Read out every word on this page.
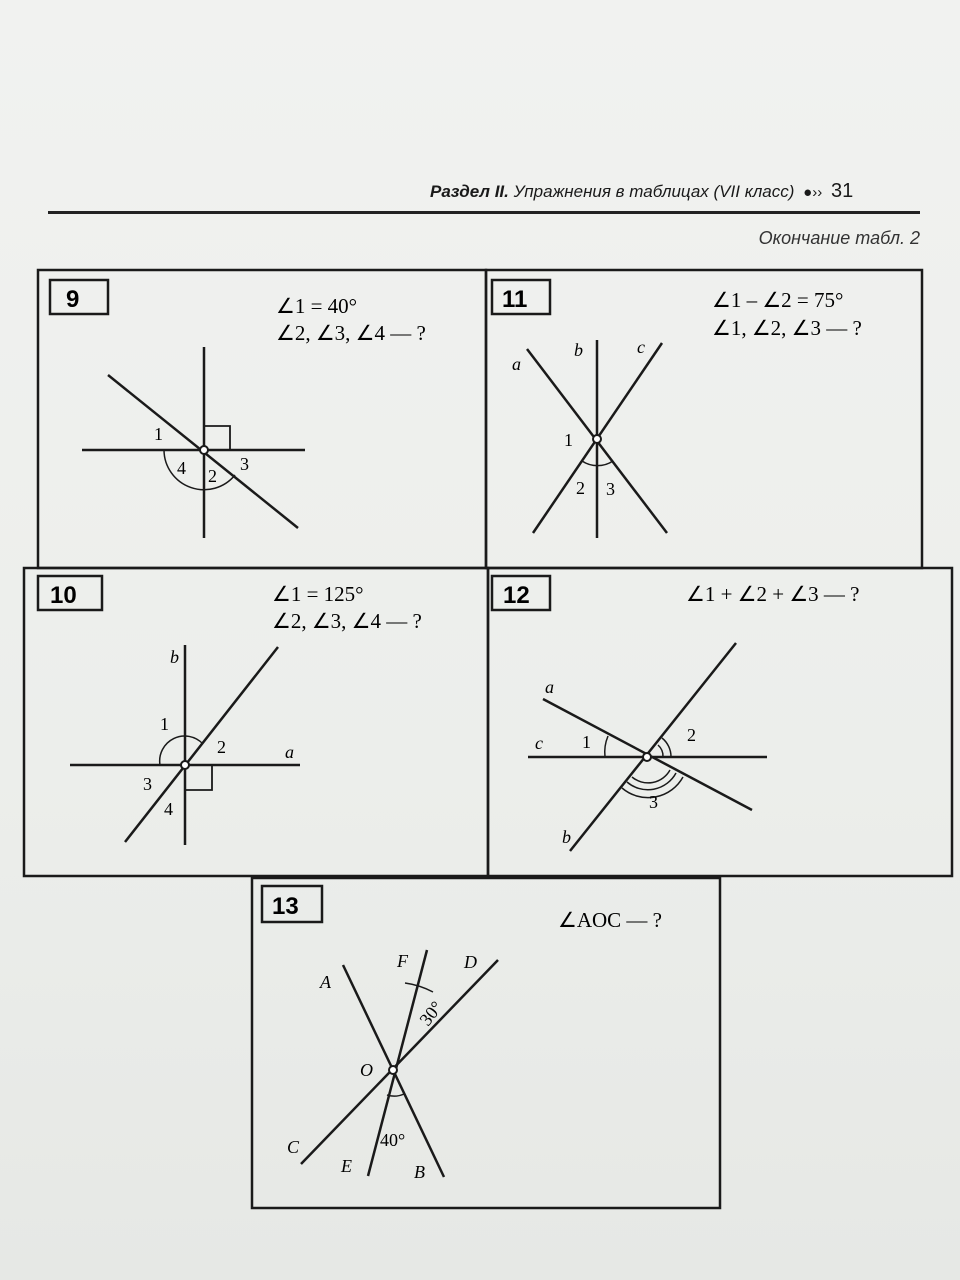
Раздел II. Упражнения в таблицах (VII класс) ●›› 31
Окончание табл. 2
9	11
10	12
13
∠1 = 40°
∠2, ∠3, ∠4 — ?
∠1 – ∠2 = 75°
∠1, ∠2, ∠3 — ?
∠1 = 125°
∠2, ∠3, ∠4 — ?
∠1 + ∠2 + ∠3 — ?
∠AOC — ?
1
2
3
4
1
2 3
a
b	c
1
2
3
4
a
b
1	2
3
a
b
c
A
B
C
D
E
F
O
30°
40°
